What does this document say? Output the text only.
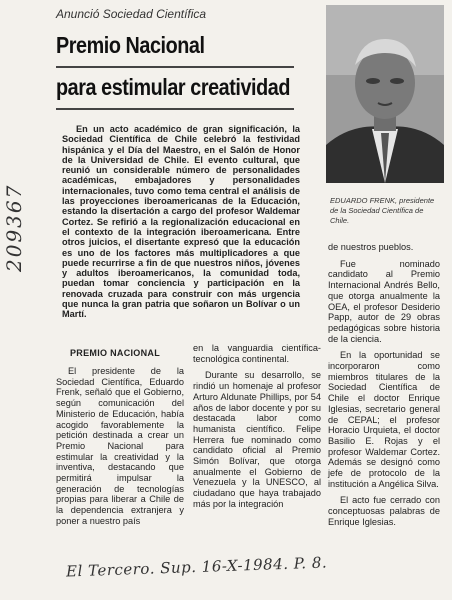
Anunció Sociedad Científica
Premio Nacional
para estimular creatividad
EDUARDO FRENK, presidente de la Sociedad Científica de Chile.

En un acto académico de gran significación, la Sociedad Científica de Chile celebró la festividad hispánica y el Día del Maestro, en el Salón de Honor de la Universidad de Chile. El evento cultural, que reunió un considerable número de personalidades académicas, embajadores y personalidades internacionales, tuvo como tema central el análisis de las proyecciones iberoamericanas de la Educación, estando la disertación a cargo del profesor Waldemar Cortez. Se refirió a la regionalización educacional en el contexto de la integración iberoamericana. Entre otros juicios, el disertante expresó que la educación es uno de los factores más multiplicadores a que puede recurrirse a fin de que nuestros niños, jóvenes y adultos iberoamericanos, la comunidad toda, puedan tomar conciencia y participación en la renovada cruzada para construir con más urgencia que nunca la gran patria que soñaron un Bolívar o un Martí.

PREMIO NACIONAL

El presidente de la Sociedad Científica, Eduardo Frenk, señaló que el Gobierno, según comunicación del Ministerio de Educación, había acogido favorablemente la petición destinada a crear un Premio Nacional para estimular la creatividad y la inventiva, destacando que permitirá impulsar la generación de tecnologías propias para liberar a Chile de la dependencia extranjera y poner a nuestro país

en la vanguardia científica-tecnológica continental.

Durante su desarrollo, se rindió un homenaje al profesor Arturo Aldunate Phillips, por 54 años de labor docente y por su destacada labor como humanista científico. Felipe Herrera fue nominado como candidato oficial al Premio Simón Bolívar, que otorga anualmente el Gobierno de Venezuela y la UNESCO, al ciudadano que haya trabajado más por la integración

de nuestros pueblos.

Fue nominado candidato al Premio Internacional Andrés Bello, que otorga anualmente la OEA, el profesor Desiderio Papp, autor de 29 obras pedagógicas sobre historia de la ciencia.

En la oportunidad se incorporaron como miembros titulares de la Sociedad Científica de Chile el doctor Enrique Iglesias, secretario general de CEPAL; el profesor Horacio Urquieta, el doctor Basilio E. Rojas y el profesor Waldemar Cortez. Además se designó como jefe de protocolo de la institución a Angélica Silva.

El acto fue cerrado con conceptuosas palabras de Enrique Iglesias.

209367
El Tercero. Sup. 16-X-1984. P. 8.
